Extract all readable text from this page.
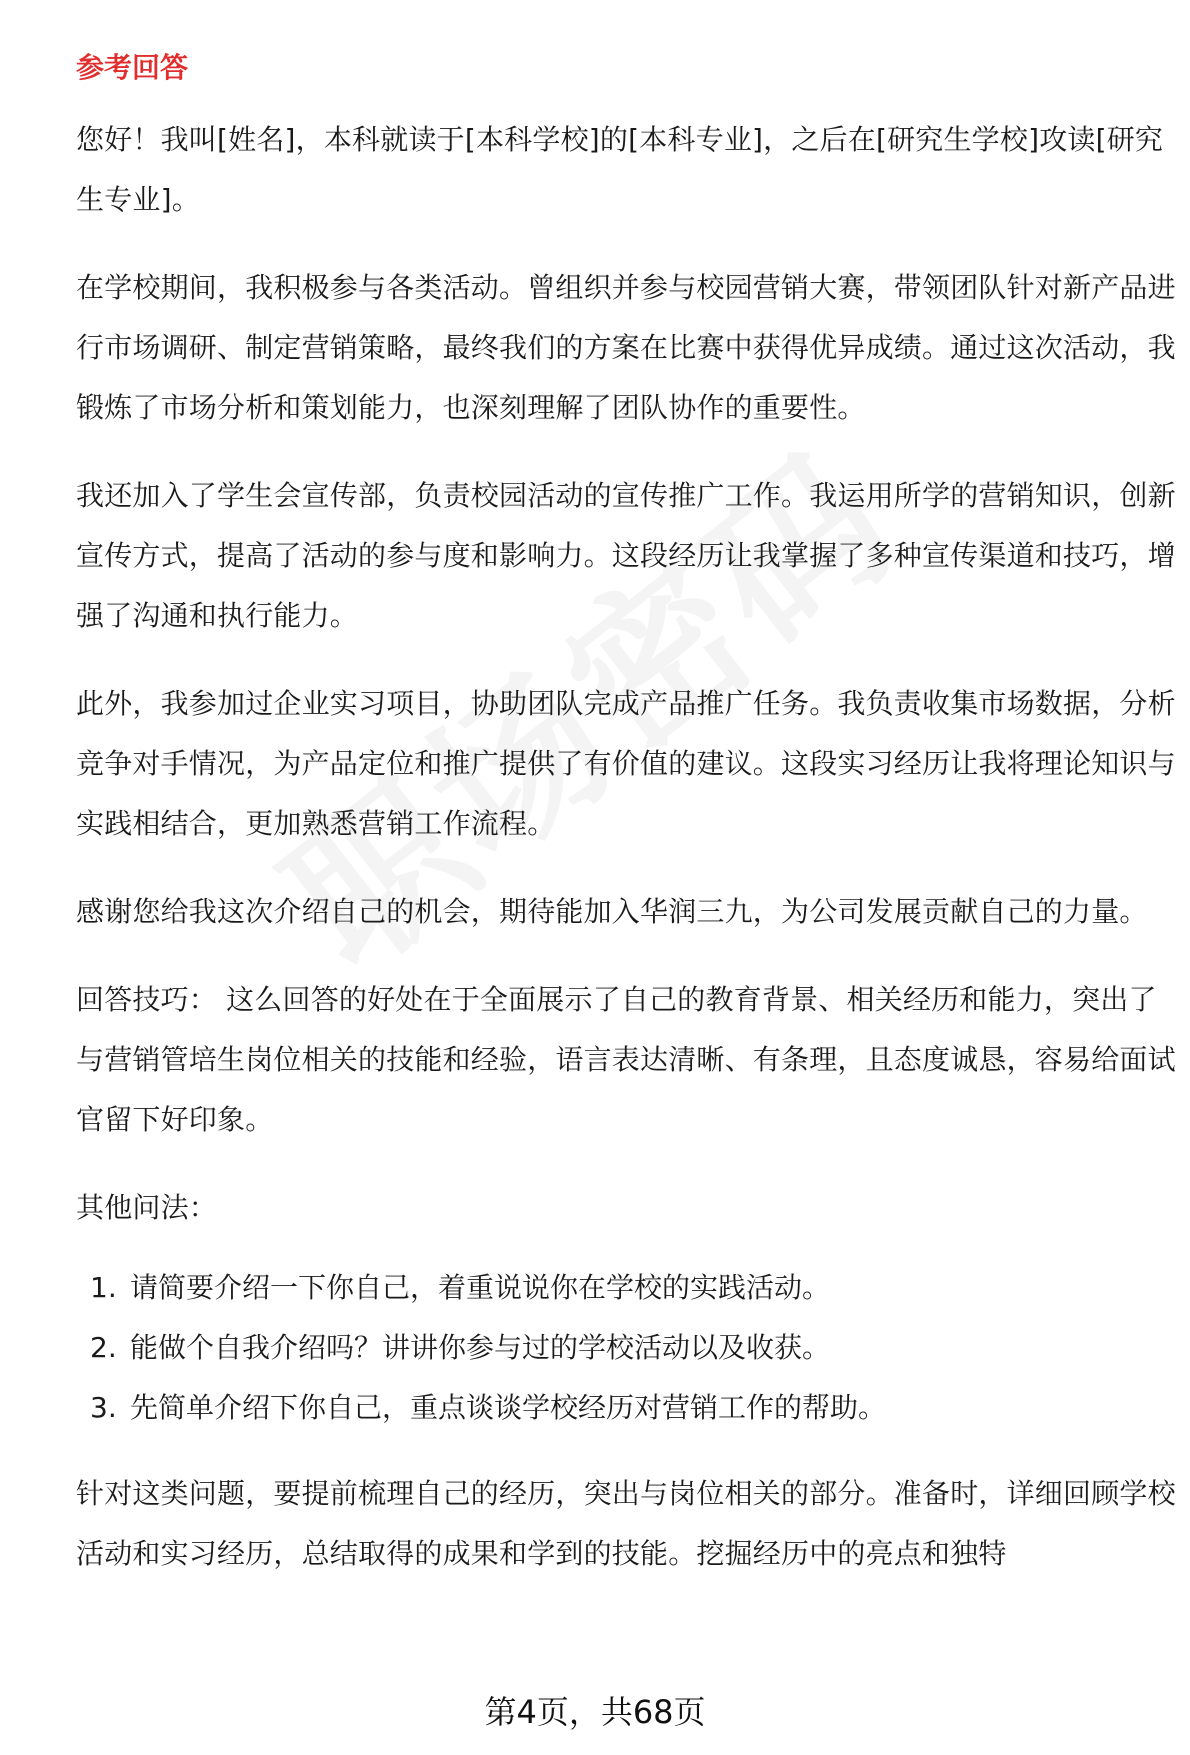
参考回答

您好！我叫[姓名]，本科就读于[本科学校]的[本科专业]，之后在[研究生学校]攻读[研究生专业]。

在学校期间，我积极参与各类活动。曾组织并参与校园营销大赛，带领团队针对新产品进行市场调研、制定营销策略，最终我们的方案在比赛中获得优异成绩。通过这次活动，我锻炼了市场分析和策划能力，也深刻理解了团队协作的重要性。

我还加入了学生会宣传部，负责校园活动的宣传推广工作。我运用所学的营销知识，创新宣传方式，提高了活动的参与度和影响力。这段经历让我掌握了多种宣传渠道和技巧，增强了沟通和执行能力。

此外，我参加过企业实习项目，协助团队完成产品推广任务。我负责收集市场数据，分析竞争对手情况，为产品定位和推广提供了有价值的建议。这段实习经历让我将理论知识与实践相结合，更加熟悉营销工作流程。

感谢您给我这次介绍自己的机会，期待能加入华润三九，为公司发展贡献自己的力量。

回答技巧： 这么回答的好处在于全面展示了自己的教育背景、相关经历和能力，突出了与营销管培生岗位相关的技能和经验，语言表达清晰、有条理，且态度诚恳，容易给面试官留下好印象。

其他问法：

1. 请简要介绍一下你自己，着重说说你在学校的实践活动。
2. 能做个自我介绍吗？讲讲你参与过的学校活动以及收获。
3. 先简单介绍下你自己，重点谈谈学校经历对营销工作的帮助。

针对这类问题，要提前梳理自己的经历，突出与岗位相关的部分。准备时，详细回顾学校活动和实习经历，总结取得的成果和学到的技能。挖掘经历中的亮点和独特

第4页，共68页
